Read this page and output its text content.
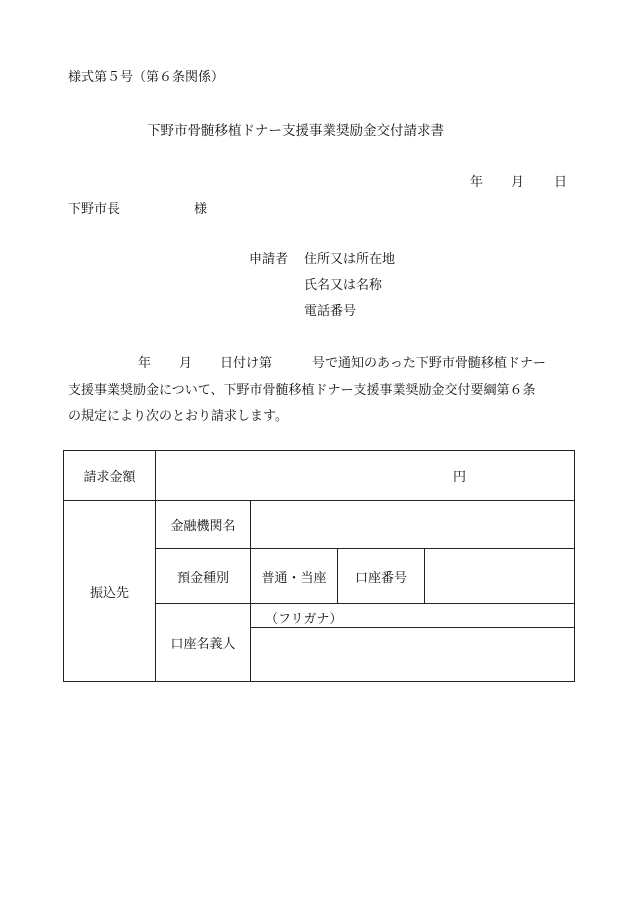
様式第５号（第６条関係）
下野市骨髄移植ドナー支援事業奨励金交付請求書
年 月 日
下野市長	様
申請者 住所又は所在地
氏名又は名称
電話番号
年 月 日付け第	号で通知のあった下野市骨髄移植ドナー
支援事業奨励金について、下野市骨髄移植ドナー支援事業奨励金交付要綱第６条
の規定により次のとおり請求します。
請求金額	円			
振込先	金融機関名			
	預金種別	普通・当座	口座番号	
	口座名義人	（フリガナ）		
